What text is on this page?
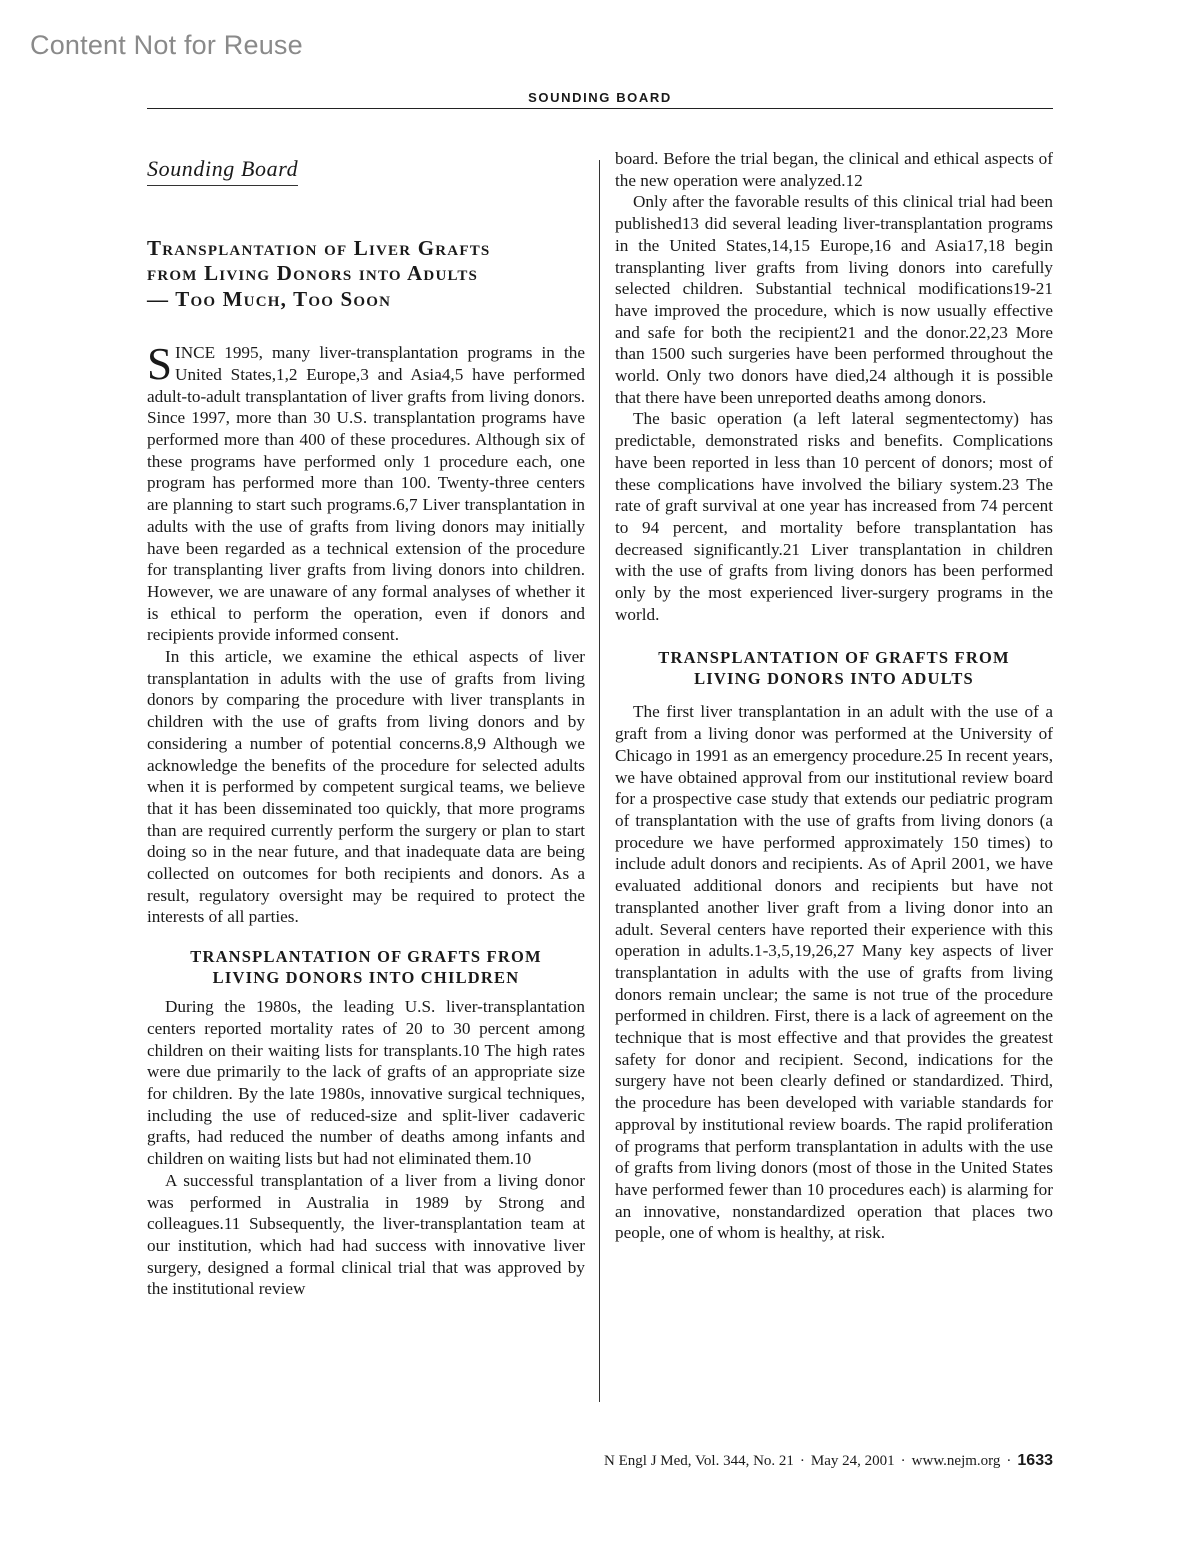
Content Not for Reuse
SOUNDING BOARD
Sounding Board
Transplantation of Liver Grafts
from Living Donors into Adults
— Too Much, Too Soon

SINCE 1995, many liver-transplantation programs in the United States,1,2 Europe,3 and Asia4,5 have performed adult-to-adult transplantation of liver grafts from living donors. Since 1997, more than 30 U.S. transplantation programs have performed more than 400 of these procedures. Although six of these programs have performed only 1 procedure each, one program has performed more than 100. Twenty-three centers are planning to start such programs.6,7 Liver transplantation in adults with the use of grafts from living donors may initially have been regarded as a technical extension of the procedure for transplanting liver grafts from living donors into children. However, we are unaware of any formal analyses of whether it is ethical to perform the operation, even if donors and recipients provide informed consent.

In this article, we examine the ethical aspects of liver transplantation in adults with the use of grafts from living donors by comparing the procedure with liver transplants in children with the use of grafts from living donors and by considering a number of potential concerns.8,9 Although we acknowledge the benefits of the procedure for selected adults when it is performed by competent surgical teams, we believe that it has been disseminated too quickly, that more programs than are required currently perform the surgery or plan to start doing so in the near future, and that inadequate data are being collected on outcomes for both recipients and donors. As a result, regulatory oversight may be required to protect the interests of all parties.

TRANSPLANTATION OF GRAFTS FROM LIVING DONORS INTO CHILDREN

During the 1980s, the leading U.S. liver-transplantation centers reported mortality rates of 20 to 30 percent among children on their waiting lists for transplants.10 The high rates were due primarily to the lack of grafts of an appropriate size for children. By the late 1980s, innovative surgical techniques, including the use of reduced-size and split-liver cadaveric grafts, had reduced the number of deaths among infants and children on waiting lists but had not eliminated them.10

A successful transplantation of a liver from a living donor was performed in Australia in 1989 by Strong and colleagues.11 Subsequently, the liver-transplantation team at our institution, which had had success with innovative liver surgery, designed a formal clinical trial that was approved by the institutional review

board. Before the trial began, the clinical and ethical aspects of the new operation were analyzed.12

Only after the favorable results of this clinical trial had been published13 did several leading liver-transplantation programs in the United States,14,15 Europe,16 and Asia17,18 begin transplanting liver grafts from living donors into carefully selected children. Substantial technical modifications19-21 have improved the procedure, which is now usually effective and safe for both the recipient21 and the donor.22,23 More than 1500 such surgeries have been performed throughout the world. Only two donors have died,24 although it is possible that there have been unreported deaths among donors.

The basic operation (a left lateral segmentectomy) has predictable, demonstrated risks and benefits. Complications have been reported in less than 10 percent of donors; most of these complications have involved the biliary system.23 The rate of graft survival at one year has increased from 74 percent to 94 percent, and mortality before transplantation has decreased significantly.21 Liver transplantation in children with the use of grafts from living donors has been performed only by the most experienced liver-surgery programs in the world.

TRANSPLANTATION OF GRAFTS FROM LIVING DONORS INTO ADULTS

The first liver transplantation in an adult with the use of a graft from a living donor was performed at the University of Chicago in 1991 as an emergency procedure.25 In recent years, we have obtained approval from our institutional review board for a prospective case study that extends our pediatric program of transplantation with the use of grafts from living donors (a procedure we have performed approximately 150 times) to include adult donors and recipients. As of April 2001, we have evaluated additional donors and recipients but have not transplanted another liver graft from a living donor into an adult. Several centers have reported their experience with this operation in adults.1-3,5,19,26,27 Many key aspects of liver transplantation in adults with the use of grafts from living donors remain unclear; the same is not true of the procedure performed in children. First, there is a lack of agreement on the technique that is most effective and that provides the greatest safety for donor and recipient. Second, indications for the surgery have not been clearly defined or standardized. Third, the procedure has been developed with variable standards for approval by institutional review boards. The rapid proliferation of programs that perform transplantation in adults with the use of grafts from living donors (most of those in the United States have performed fewer than 10 procedures each) is alarming for an innovative, nonstandardized operation that places two people, one of whom is healthy, at risk.

N Engl J Med, Vol. 344, No. 21 · May 24, 2001 · www.nejm.org · 1633
